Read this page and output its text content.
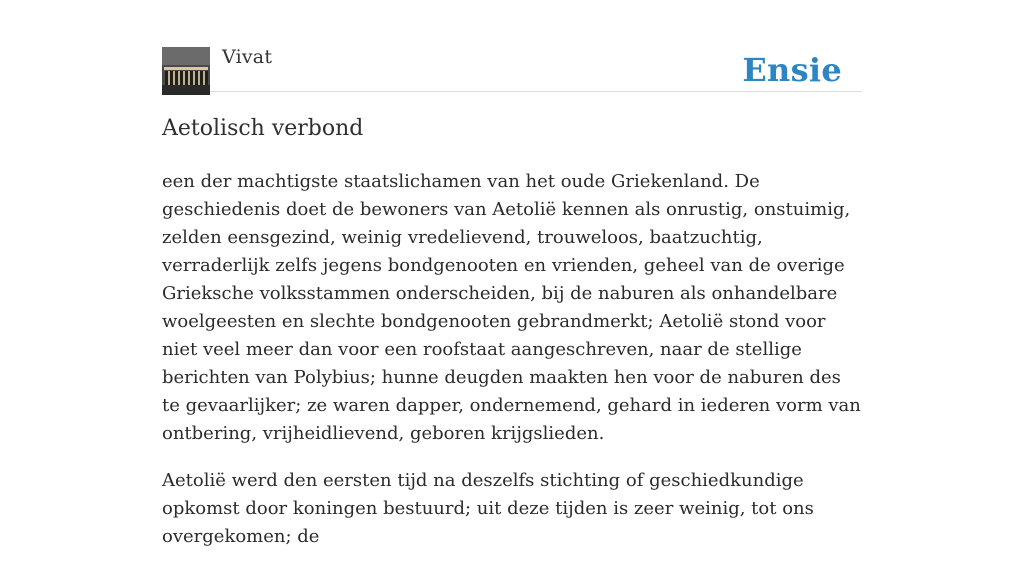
Vivat	Ensie
Aetolisch verbond

een der machtigste staatslichamen van het oude Griekenland. De geschiedenis doet de bewoners van Aetolië kennen als onrustig, onstuimig, zelden eensgezind, weinig vredelievend, trouweloos, baatzuchtig, verraderlijk zelfs jegens bondgenooten en vrienden, geheel van de overige Grieksche volksstammen onderscheiden, bij de naburen als onhandelbare woelgeesten en slechte bondgenooten gebrandmerkt; Aetolië stond voor niet veel meer dan voor een roofstaat aangeschreven, naar de stellige berichten van Polybius; hunne deugden maakten hen voor de naburen des te gevaarlijker; ze waren dapper, ondernemend, gehard in iederen vorm van ontbering, vrijheidlievend, geboren krijgslieden.

Aetolië werd den eersten tijd na deszelfs stichting of geschiedkundige opkomst door koningen bestuurd; uit deze tijden is zeer weinig, tot ons overgekomen; de
